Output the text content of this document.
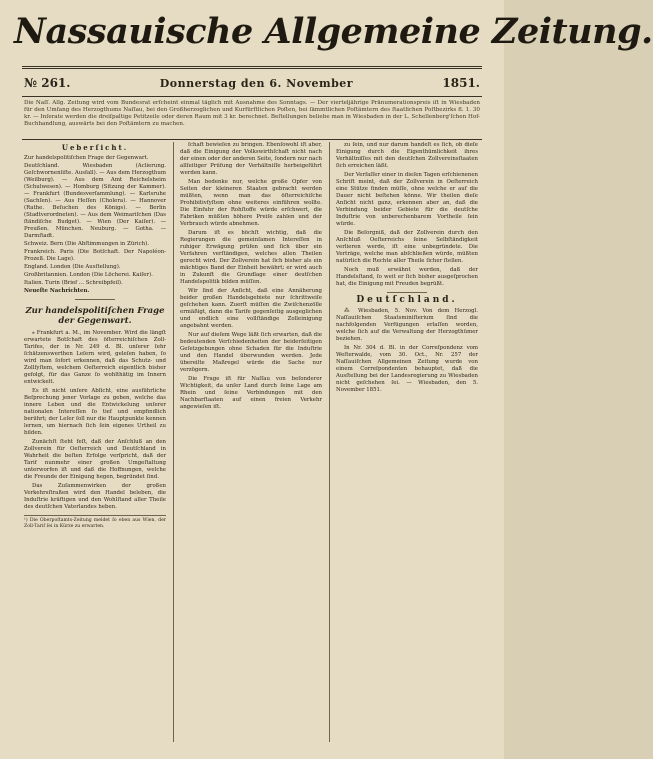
Nassauische Allgemeine Zeitung.
№ 261.	Donnerstag den 6. November	1851.
Die Naſſ. Allg. Zeitung wird vom Bundesrat erſcheint einmal täglich mit Ausnahme des Sonntags. — Der vierteljährige Pränumerationspreis iſt in Wiesbaden für den Umfang des Herzogthums Naſſau, bei den Großherzoglichen und Kurfürſtlichen Poſten, bei ſämmtlichen Poſtämtern des ſtaatlichen Poſtbezirks fl. 1. 30 kr. — Inſerate werden die dreiſpaltige Petitzeile oder deren Raum mit 3 kr. berechnet. Beſtellungen beliebe man in Wiesbaden in der L. Schellenberg'ſchen Hof-Buchhandlung, auswärts bei den Poſtämtern zu machen.
Ueberſicht.
Zur handelspolitiſchen Frage der Gegenwart.
Deutſchland. Wiesbaden (Aclierung. Geſchwornenliſte. Ausfall). — Aus dem Herzogthum (Weilburg). — Aus dem Amt Reichelsheim (Schulwesen). — Homburg (Sitzung der Kammer). — Frankfurt (Bundesverſammlung). — Karlsruhe (Sachſen). — Aus Heſſen (Cholera). — Hannover (Rathe. Beſuchen des Königs). — Berlin (Stadtverordneten). — Aus dem Weimariſchen (Das ſtändiſche Budget). — Wien (Der Kaiſer). — Preußen. München. Neuburg. — Gotha. — Darmſtadt.
Schweiz. Bern (Die Abſtimmungen in Zürich).
Frankreich. Paris (Die Botſchaft. Der Napoléon-Prozeß. Die Lage).
England. London (Die Ausſtellung).
Großbritannien. London (Die Löcherei. Kaiſer).
Italien. Turin (Brief ... Schreibpfeil).
Neueſte Nachrichten.
Zur handelspolitiſchen Frage der Gegenwart.

⁎ Frankfurt a. M., im November. Wird die längſt erwartete Botſchaft des öſterreichiſchen Zoll-Tarifes, der in Nr. 249 d. Bl. unſerer ſehr ſchätzenswerthen Leſern wird, geleſen haben, ſo wird man ſofort erkennen, daß das Schutz- und Zollſyſtem, welchem Oeſterreich eigentlich bisher gefolgt, für das Ganze ſo wohlthätig im Innern entwickelt.

Es iſt nicht unſere Abſicht, eine ausführliche Beſprechung jener Vorlage zu geben, welche das innere Leben und die Entwickelung unſerer nationalen Intereſſen ſo tief und empfindlich berührt; der Leſer ſoll nur die Hauptpunkte kennen lernen, um hiernach ſich ſein eigenes Urtheil zu bilden.

Zunächſt ſteht feſt, daß der Anſchluß an den Zollverein für Oeſterreich und Deutſchland in Wahrheit die beſten Erfolge verſpricht, daß der Tarif nunmehr einer großen Umgeſtaltung unterworfen iſt und daß die Hoffnungen, welche die Freunde der Einigung hegen, begründet ſind.

Das Zuſammenwirken der großen Verkehrsſtraßen wird den Handel beleben, die Induſtrie kräftigen und den Wohlſtand aller Theile des deutſchen Vaterlandes heben.

¹) Die Oberpoſtamts-Zeitung meldet ſo eben aus Wien, der Zoll-Tarif ſei in Kürze zu erwarten.

ſchaft bewieſen zu bringen. Ebenſowohl iſt aber, daß die Einigung der Volkswirthſchaft nicht nach der einen oder der anderen Seite, ſondern nur nach allſeitiger Prüfung der Verhältniſſe herbeigeführt werden kann.

Man bedenke nur, welche große Opfer von Seiten der kleineren Staaten gebracht werden müßten, wenn man das öſterreichiſche Prohibitivſyſtem ohne weiteres einführen wollte. Die Einfuhr der Rohſtoffe würde erſchwert, die Fabriken müßten höhere Preiſe zahlen und der Verbrauch würde abnehmen.

Darum iſt es höchſt wichtig, daß die Regierungen die gemeinſamen Intereſſen in ruhiger Erwägung prüfen und ſich über ein Verfahren verſtändigen, welches allen Theilen gerecht wird. Der Zollverein hat ſich bisher als ein mächtiges Band der Einheit bewährt; er wird auch in Zukunft die Grundlage einer deutſchen Handelspolitik bilden müſſen.

Wir ſind der Anſicht, daß eine Annäherung beider großen Handelsgebiete nur ſchrittweiſe geſchehen kann. Zuerſt müſſen die Zwiſchenzölle ermäßigt, dann die Tarife gegenſeitig ausgeglichen und endlich eine vollſtändige Zolleinigung angebahnt werden.

Nur auf dieſem Wege läßt ſich erwarten, daß die bedeutenden Verſchiedenheiten der beiderſeitigen Geſetzgebungen ohne Schaden für die Induſtrie und den Handel überwunden werden. Jede übereilte Maßregel würde die Sache nur verzögern.

Die Frage iſt für Naſſau von beſonderer Wichtigkeit, da unſer Land durch ſeine Lage am Rhein und ſeine Verbindungen mit den Nachbarſtaaten auf einen freien Verkehr angewieſen iſt.

zu ſein, und nur darum handelt es ſich, ob dieſe Einigung durch die Eigenthümlichkeit ihres Verhältniſſes mit den deutſchen Zollvereinsſtaaten ſich erreichen läßt.

Der Verfaſſer einer in dieſen Tagen erſchienenen Schrift meint, daß der Zollverein in Oeſterreich eine Stütze finden müſſe, ohne welche er auf die Dauer nicht beſtehen könne. Wir theilen dieſe Anſicht nicht ganz, erkennen aber an, daß die Verbindung beider Gebiete für die deutſche Induſtrie von unberechenbarem Vortheile ſein würde.

Die Beſorgniß, daß der Zollverein durch den Anſchluß Oeſterreichs ſeine Selbſtändigkeit verlieren werde, iſt eine unbegründete. Die Verträge, welche man abſchließen würde, müßten natürlich die Rechte aller Theile ſicher ſtellen.

Noch muß erwähnt werden, daß der Handelsſtand, ſo weit er ſich bisher ausgeſprochen hat, die Einigung mit Freuden begrüßt.

Deutſchland.

⁂ Wiesbaden, 5. Nov. Von dem Herzogl. Naſſauiſchen Staatsminiſterium ſind die nachfolgenden Verfügungen erlaſſen worden, welche ſich auf die Verwaltung der Herzogthümer beziehen.

In Nr. 304 d. Bl. in der Correſpondenz vom Weſterwalde, vom 30. Oct., Nr. 257 der Naſſauiſchen Allgemeinen Zeitung wurde von einem Correſpondenten behauptet, daß die Ausſtellung bei der Landesregierung zu Wiesbaden nicht geſchehen ſei. — Wiesbaden, den 5. November 1851.
